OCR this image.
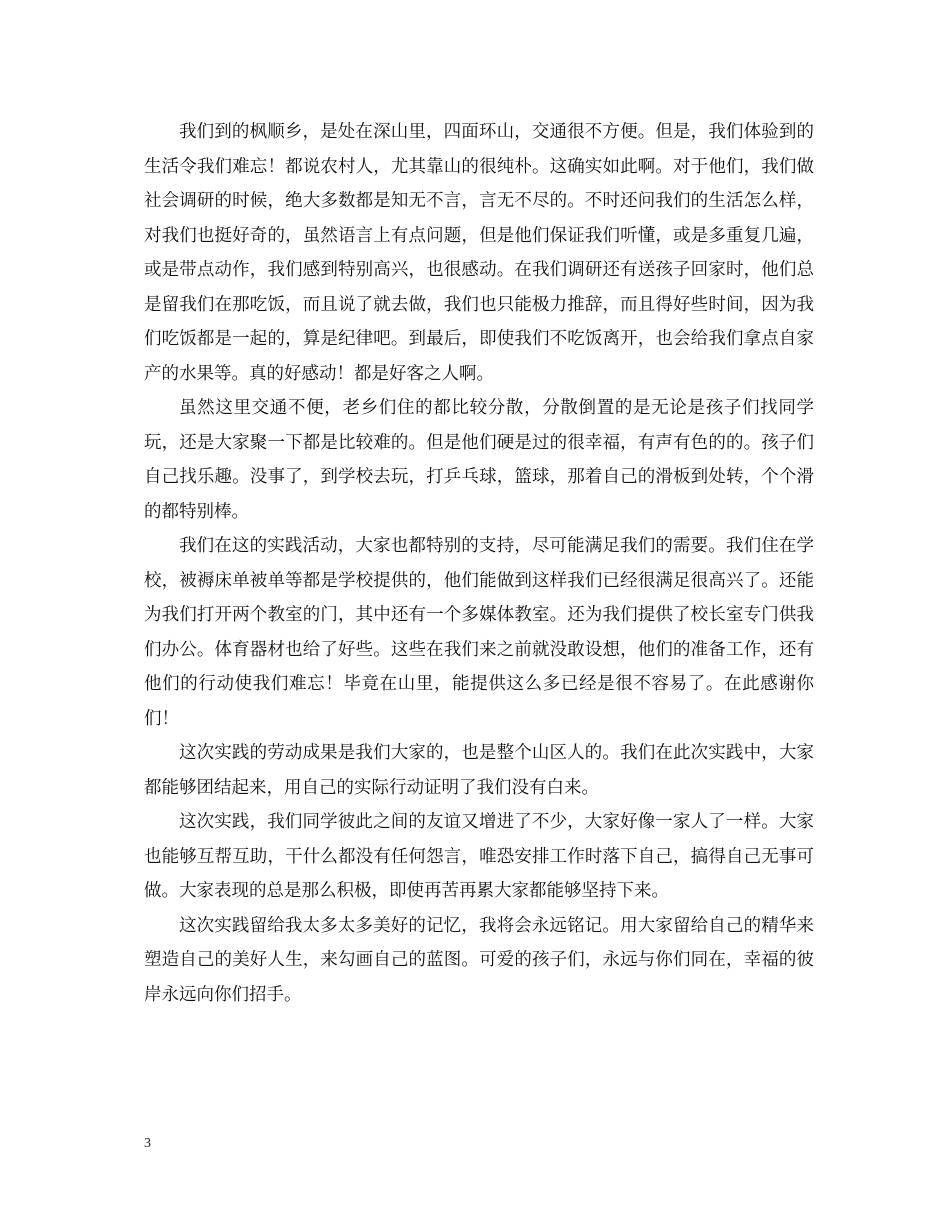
我们到的枫顺乡，是处在深山里，四面环山，交通很不方便。但是，我们体验到的生活令我们难忘！都说农村人，尤其靠山的很纯朴。这确实如此啊。对于他们，我们做社会调研的时候，绝大多数都是知无不言，言无不尽的。不时还问我们的生活怎么样，对我们也挺好奇的，虽然语言上有点问题，但是他们保证我们听懂，或是多重复几遍，或是带点动作，我们感到特别高兴，也很感动。在我们调研还有送孩子回家时，他们总是留我们在那吃饭，而且说了就去做，我们也只能极力推辞，而且得好些时间，因为我们吃饭都是一起的，算是纪律吧。到最后，即使我们不吃饭离开，也会给我们拿点自家产的水果等。真的好感动！都是好客之人啊。

虽然这里交通不便，老乡们住的都比较分散，分散倒置的是无论是孩子们找同学玩，还是大家聚一下都是比较难的。但是他们硬是过的很幸福，有声有色的的。孩子们自己找乐趣。没事了，到学校去玩，打乒乓球，篮球，那着自己的滑板到处转，个个滑的都特别棒。

我们在这的实践活动，大家也都特别的支持，尽可能满足我们的需要。我们住在学校，被褥床单被单等都是学校提供的，他们能做到这样我们已经很满足很高兴了。还能为我们打开两个教室的门，其中还有一个多媒体教室。还为我们提供了校长室专门供我们办公。体育器材也给了好些。这些在我们来之前就没敢设想，他们的准备工作，还有他们的行动使我们难忘！毕竟在山里，能提供这么多已经是很不容易了。在此感谢你们！

这次实践的劳动成果是我们大家的，也是整个山区人的。我们在此次实践中，大家都能够团结起来，用自己的实际行动证明了我们没有白来。

这次实践，我们同学彼此之间的友谊又增进了不少，大家好像一家人了一样。大家也能够互帮互助，干什么都没有任何怨言，唯恐安排工作时落下自己，搞得自己无事可做。大家表现的总是那么积极，即使再苦再累大家都能够坚持下来。

这次实践留给我太多太多美好的记忆，我将会永远铭记。用大家留给自己的精华来塑造自己的美好人生，来勾画自己的蓝图。可爱的孩子们，永远与你们同在，幸福的彼岸永远向你们招手。

3
